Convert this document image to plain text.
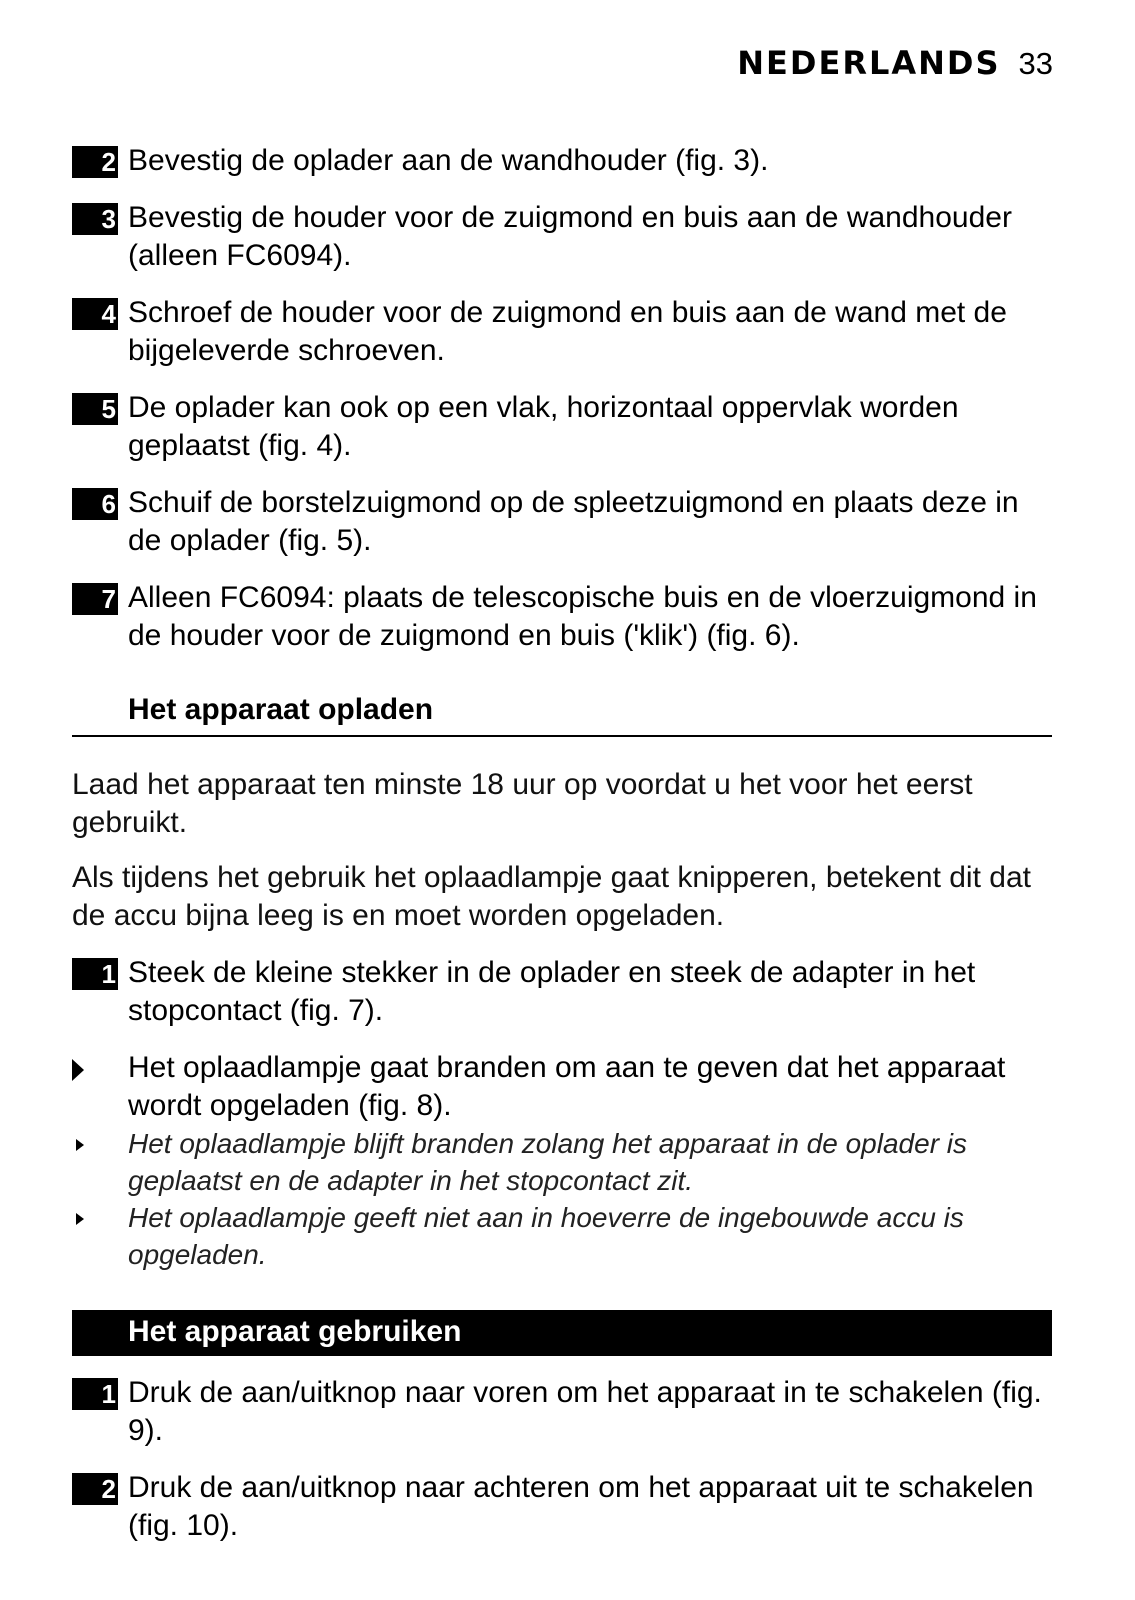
NEDERLANDS 33
2 Bevestig de oplader aan de wandhouder (fig. 3).
3 Bevestig de houder voor de zuigmond en buis aan de wandhouder (alleen FC6094).
4 Schroef de houder voor de zuigmond en buis aan de wand met de bijgeleverde schroeven.
5 De oplader kan ook op een vlak, horizontaal oppervlak worden geplaatst (fig. 4).
6 Schuif de borstelzuigmond op de spleetzuigmond en plaats deze in de oplader (fig. 5).
7 Alleen FC6094: plaats de telescopische buis en de vloerzuigmond in de houder voor de zuigmond en buis ('klik') (fig. 6).
Het apparaat opladen
Laad het apparaat ten minste 18 uur op voordat u het voor het eerst gebruikt.
Als tijdens het gebruik het oplaadlampje gaat knipperen, betekent dit dat de accu bijna leeg is en moet worden opgeladen.
1 Steek de kleine stekker in de oplader en steek de adapter in het stopcontact (fig. 7).
Het oplaadlampje gaat branden om aan te geven dat het apparaat wordt opgeladen (fig. 8).
Het oplaadlampje blijft branden zolang het apparaat in de oplader is geplaatst en de adapter in het stopcontact zit.
Het oplaadlampje geeft niet aan in hoeverre de ingebouwde accu is opgeladen.
Het apparaat gebruiken
1 Druk de aan/uitknop naar voren om het apparaat in te schakelen (fig. 9).
2 Druk de aan/uitknop naar achteren om het apparaat uit te schakelen (fig. 10).
